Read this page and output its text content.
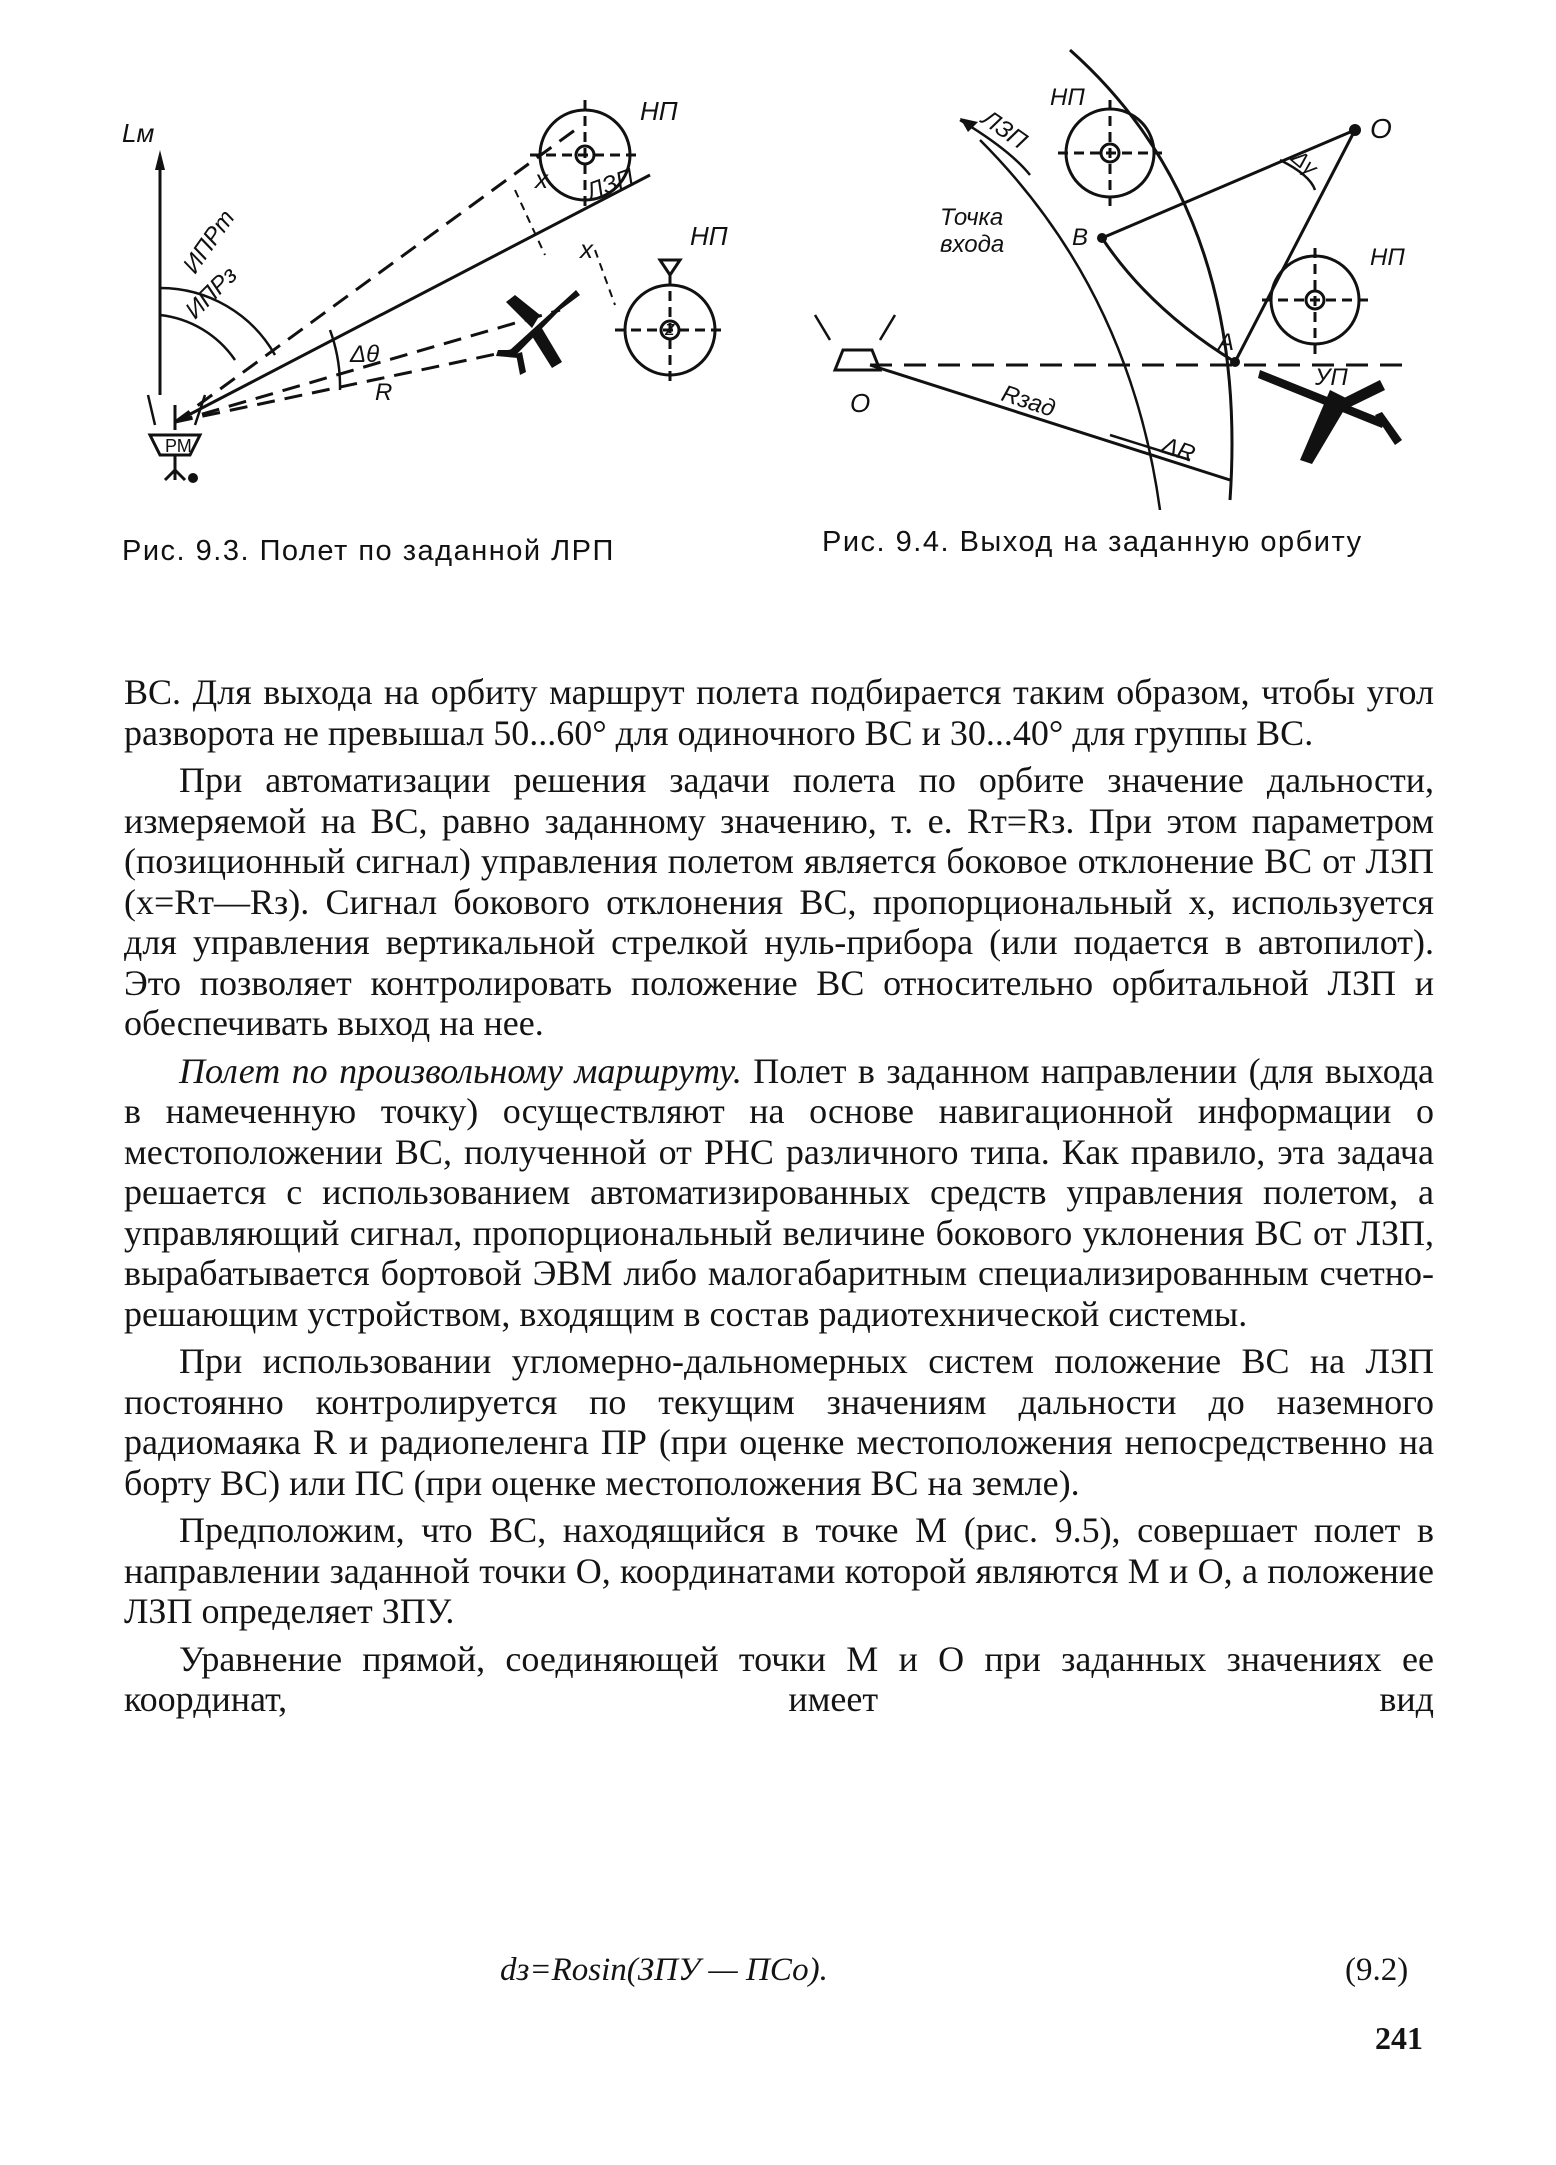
Lм
НП
ЛЗП
x
x	НП
z
ИПРт
ИПРз
Δθ
R
РМ
Рис. 9.3. Полет по заданной ЛРП
ЛЗП
НП
O
Δγ
Точка
входа	В
НП
А
УП
O	Rзад
ΔR
Рис. 9.4. Выход на заданную орбиту

ВС. Для выхода на орбиту маршрут полета подбирается таким образом, чтобы угол разворота не превышал 50...60° для одиночного ВС и 30...40° для группы ВС.

При автоматизации решения задачи полета по орбите значение дальности, измеряемой на ВС, равно заданному значению, т. е. Rт=Rз. При этом параметром (позиционный сигнал) управления полетом является боковое отклонение ВС от ЛЗП (x=Rт—Rз). Сигнал бокового отклонения ВС, пропорциональный x, используется для управления вертикальной стрелкой нуль-прибора (или подается в автопилот). Это позволяет контролировать положение ВС относительно орбитальной ЛЗП и обеспечивать выход на нее.

Полет по произвольному маршруту. Полет в заданном направлении (для выхода в намеченную точку) осуществляют на основе навигационной информации о местоположении ВС, полученной от РНС различного типа. Как правило, эта задача решается с использованием автоматизированных средств управления полетом, а управляющий сигнал, пропорциональный величине бокового уклонения ВС от ЛЗП, вырабатывается бортовой ЭВМ либо малогабаритным специализированным счетно-решающим устройством, входящим в состав радиотехнической системы.

При использовании угломерно-дальномерных систем положение ВС на ЛЗП постоянно контролируется по текущим значениям дальности до наземного радиомаяка R и радиопеленга ПР (при оценке местоположения непосредственно на борту ВС) или ПС (при оценке местоположения ВС на земле).

Предположим, что ВС, находящийся в точке M (рис. 9.5), совершает полет в направлении заданной точки O, координатами которой являются M и O, а положение ЛЗП определяет ЗПУ.

Уравнение прямой, соединяющей точки M и O при заданных значениях ее координат, имеет вид

dз=Rosin(ЗПУ — ПСо).	(9.2)
241
